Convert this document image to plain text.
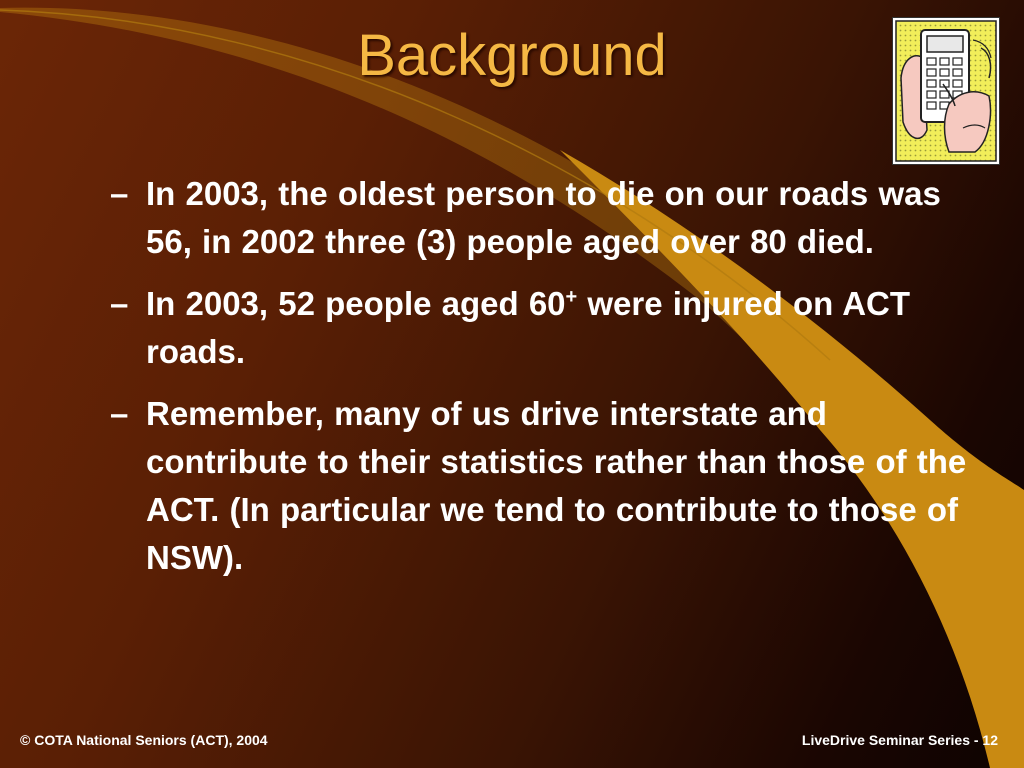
Background
– In 2003, the oldest person to die on our roads was 56, in 2002 three (3) people aged over 80 died.
– In 2003, 52 people aged 60+ were injured on ACT roads.
– Remember, many of us drive interstate and contribute to their statistics rather than those of the ACT. (In particular we tend to contribute to those of NSW).
© COTA National Seniors (ACT), 2004	LiveDrive Seminar Series - 12
